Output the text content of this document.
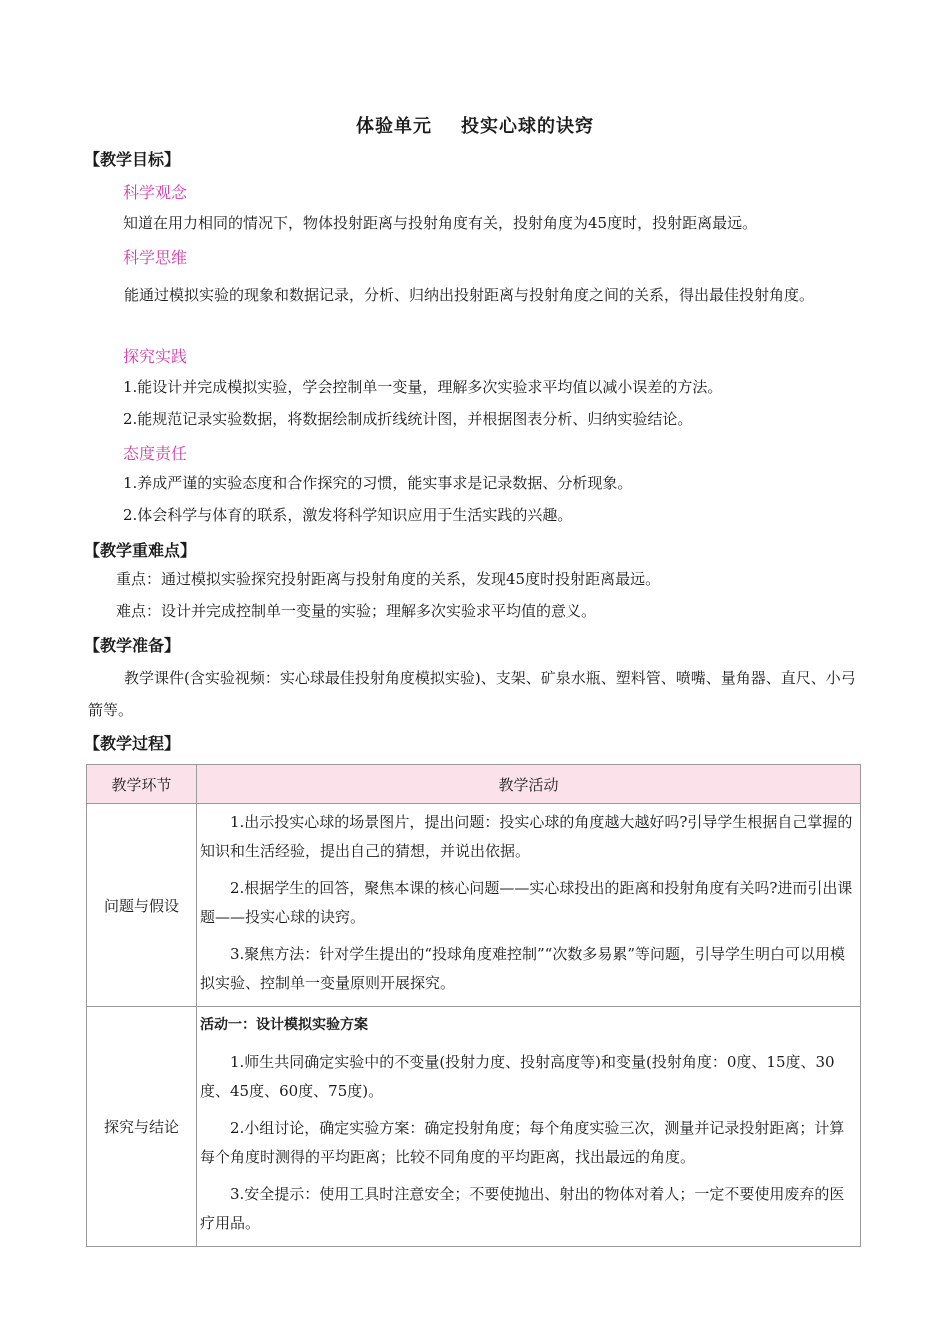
体验单元    投实心球的诀窍
【教学目标】
科学观念
知道在用力相同的情况下，物体投射距离与投射角度有关，投射角度为45度时，投射距离最远。
科学思维
能通过模拟实验的现象和数据记录，分析、归纳出投射距离与投射角度之间的关系，得出最佳投射角度。
探究实践
1.能设计并完成模拟实验，学会控制单一变量，理解多次实验求平均值以减小误差的方法。
2.能规范记录实验数据，将数据绘制成折线统计图，并根据图表分析、归纳实验结论。
态度责任
1.养成严谨的实验态度和合作探究的习惯，能实事求是记录数据、分析现象。
2.体会科学与体育的联系，激发将科学知识应用于生活实践的兴趣。
【教学重难点】
重点：通过模拟实验探究投射距离与投射角度的关系，发现45度时投射距离最远。
难点：设计并完成控制单一变量的实验；理解多次实验求平均值的意义。
【教学准备】
教学课件(含实验视频：实心球最佳投射角度模拟实验)、支架、矿泉水瓶、塑料管、喷嘴、量角器、直尺、小弓箭等。
【教学过程】
教学环节	教学活动
问题与假设	1.出示投实心球的场景图片，提出问题：投实心球的角度越大越好吗?引导学生根据自己掌握的知识和生活经验，提出自己的猜想，并说出依据。

2.根据学生的回答，聚焦本课的核心问题——实心球投出的距离和投射角度有关吗?进而引出课题——投实心球的诀窍。

3.聚焦方法：针对学生提出的“投球角度难控制”“次数多易累”等问题，引导学生明白可以用模拟实验、控制单一变量原则开展探究。

探究与结论	活动一：设计模拟实验方案

1.师生共同确定实验中的不变量(投射力度、投射高度等)和变量(投射角度：0度、15度、30度、45度、60度、75度)。

2.小组讨论，确定实验方案：确定投射角度；每个角度实验三次，测量并记录投射距离；计算每个角度时测得的平均距离；比较不同角度的平均距离，找出最远的角度。

3.安全提示：使用工具时注意安全；不要使抛出、射出的物体对着人；一定不要使用废弃的医疗用品。
